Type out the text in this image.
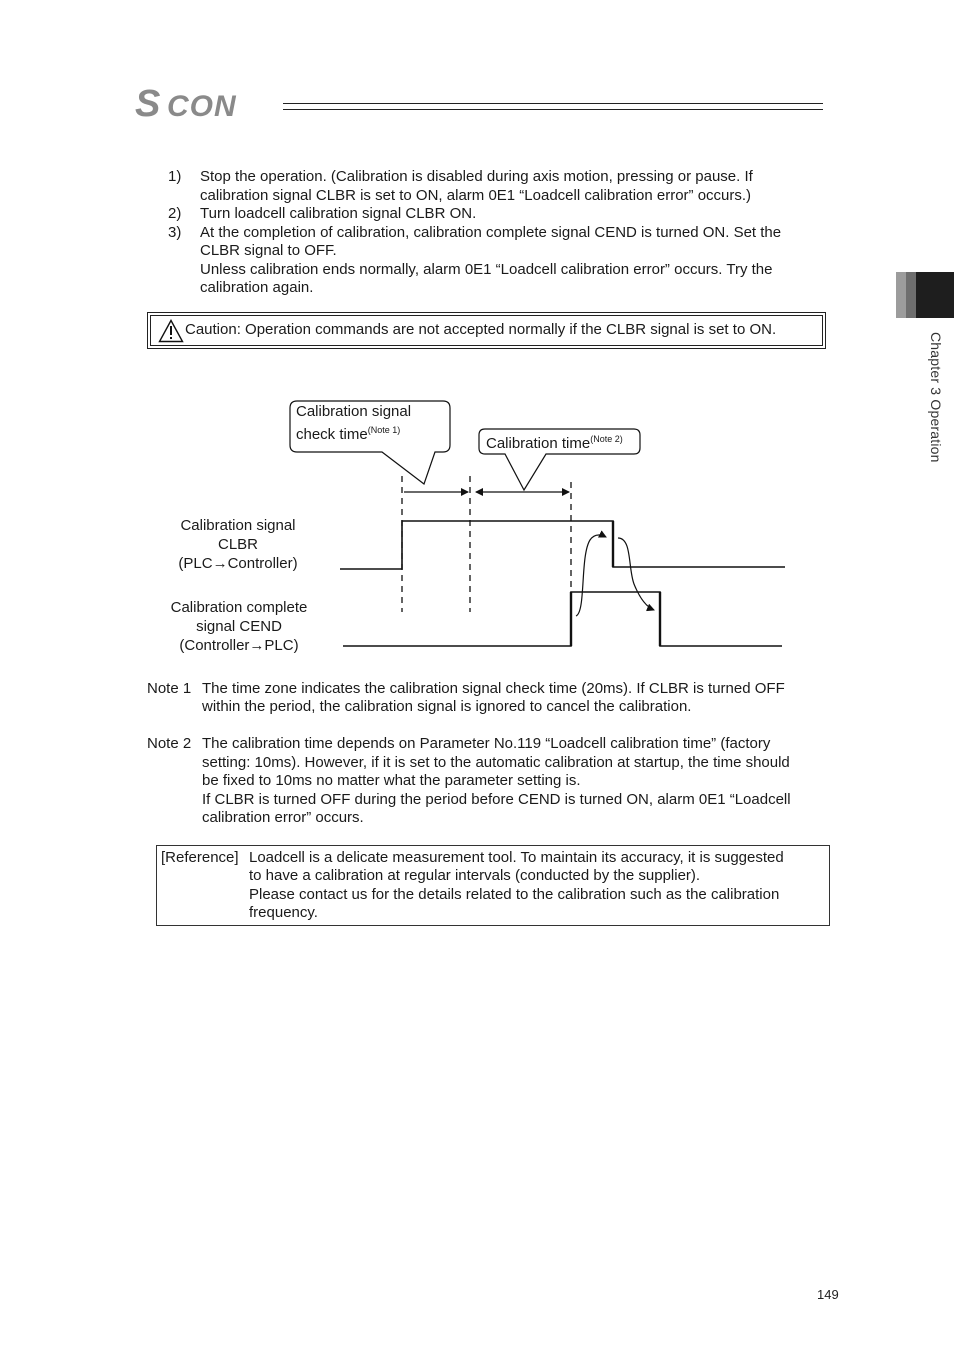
S CON
Chapter 3 Operation
1) Stop the operation. (Calibration is disabled during axis motion, pressing or pause. If
calibration signal CLBR is set to ON, alarm 0E1 “Loadcell calibration error” occurs.)
2) Turn loadcell calibration signal CLBR ON.
3) At the completion of calibration, calibration complete signal CEND is turned ON. Set the
CLBR signal to OFF.
Unless calibration ends normally, alarm 0E1 “Loadcell calibration error” occurs. Try the
calibration again.
Caution: Operation commands are not accepted normally if the CLBR signal is set to ON.
Calibration signal
check time$^{(Note 1)}$
Calibration time$^{(Note 2)}$
Calibration signal
CLBR
(PLC→Controller)
Calibration complete
signal CEND
(Controller→PLC)
Note 1 The time zone indicates the calibration signal check time (20ms). If CLBR is turned OFF
within the period, the calibration signal is ignored to cancel the calibration.
Note 2 The calibration time depends on Parameter No.119 “Loadcell calibration time” (factory
setting: 10ms). However, if it is set to the automatic calibration at startup, the time should
be fixed to 10ms no matter what the parameter setting is.
If CLBR is turned OFF during the period before CEND is turned ON, alarm 0E1 “Loadcell
calibration error” occurs.
[Reference] Loadcell is a delicate measurement tool. To maintain its accuracy, it is suggested
to have a calibration at regular intervals (conducted by the supplier).
Please contact us for the details related to the calibration such as the calibration
frequency.
149
